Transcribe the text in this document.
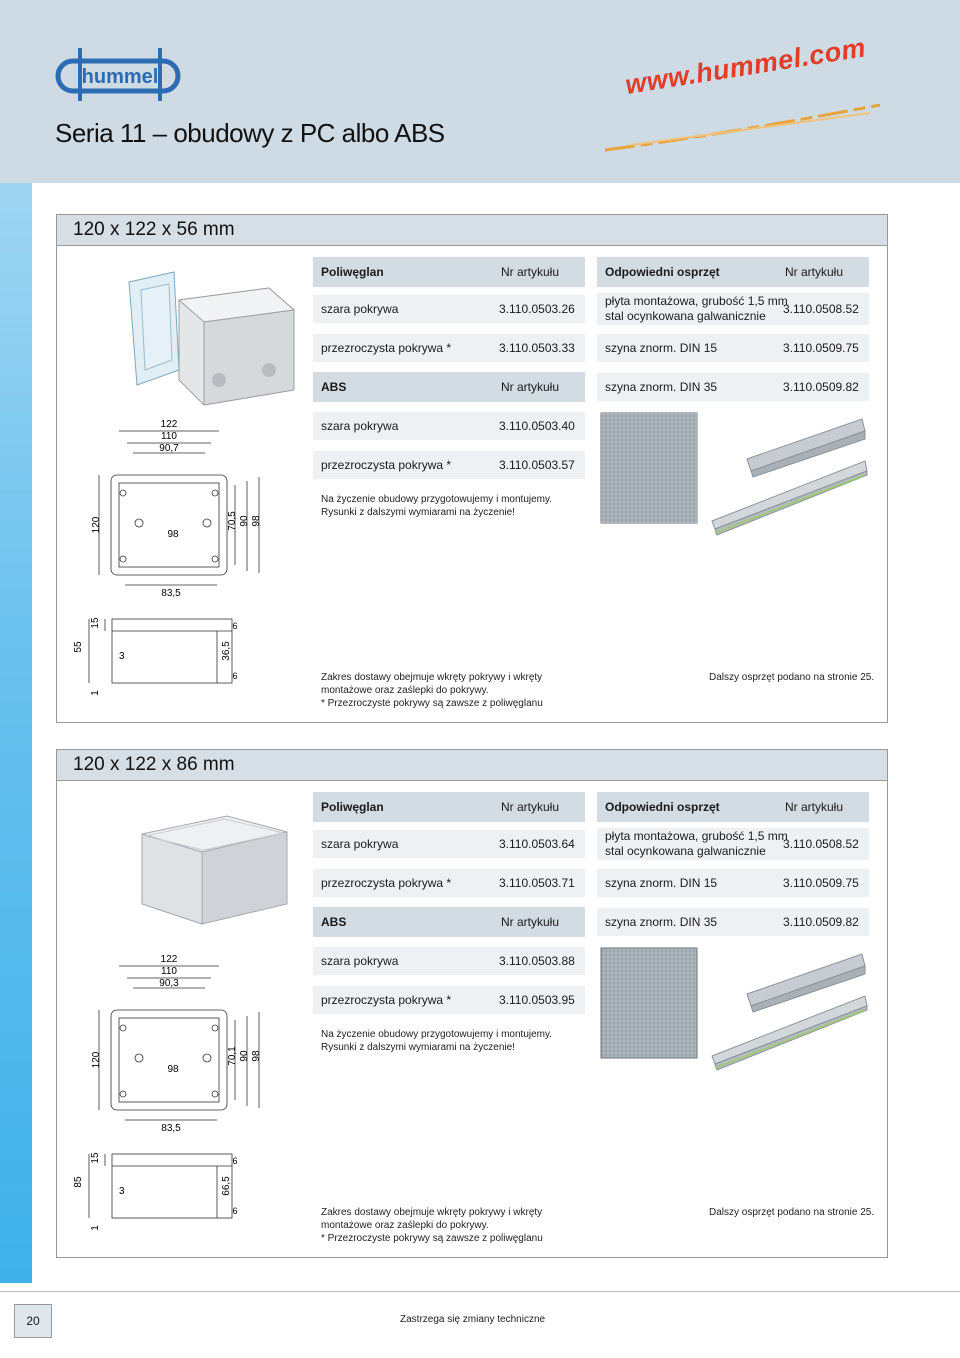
hummel
Seria 11 – obudowy z PC albo ABS
www.hummel.com
120 x 122 x 56 mm
122
110
90,7
120
98
70,5 90 98
83,5
55
15
3
1
36,5
6
6
Poliwęglan	Nr artykułu
szara pokrywa	3.110.0503.26
przezroczysta pokrywa *	3.110.0503.33
ABS	Nr artykułu
szara pokrywa	3.110.0503.40
przezroczysta pokrywa *	3.110.0503.57
Na życzenie obudowy przygotowujemy i montujemy.
Rysunki z dalszymi wymiarami na życzenie!
Odpowiedni osprzęt	Nr artykułu
płyta montażowa, grubość 1,5 mm
stal ocynkowana galwanicznie	3.110.0508.52
szyna znorm. DIN 15	3.110.0509.75
szyna znorm. DIN 35	3.110.0509.82
Zakres dostawy obejmuje wkręty pokrywy i wkręty
montażowe oraz zaślepki do pokrywy.
* Przezroczyste pokrywy są zawsze z poliwęglanu
Dalszy osprzęt podano na stronie 25.
120 x 122 x 86 mm
122
110
90,3
120
98
70,1 90 98
83,5
85
15
3
1
66,5
6
6
Poliwęglan	Nr artykułu
szara pokrywa	3.110.0503.64
przezroczysta pokrywa *	3.110.0503.71
ABS	Nr artykułu
szara pokrywa	3.110.0503.88
przezroczysta pokrywa *	3.110.0503.95
Na życzenie obudowy przygotowujemy i montujemy.
Rysunki z dalszymi wymiarami na życzenie!
Odpowiedni osprzęt	Nr artykułu
płyta montażowa, grubość 1,5 mm
stal ocynkowana galwanicznie	3.110.0508.52
szyna znorm. DIN 15	3.110.0509.75
szyna znorm. DIN 35	3.110.0509.82
Zakres dostawy obejmuje wkręty pokrywy i wkręty
montażowe oraz zaślepki do pokrywy.
* Przezroczyste pokrywy są zawsze z poliwęglanu
Dalszy osprzęt podano na stronie 25.
20	Zastrzega się zmiany techniczne
